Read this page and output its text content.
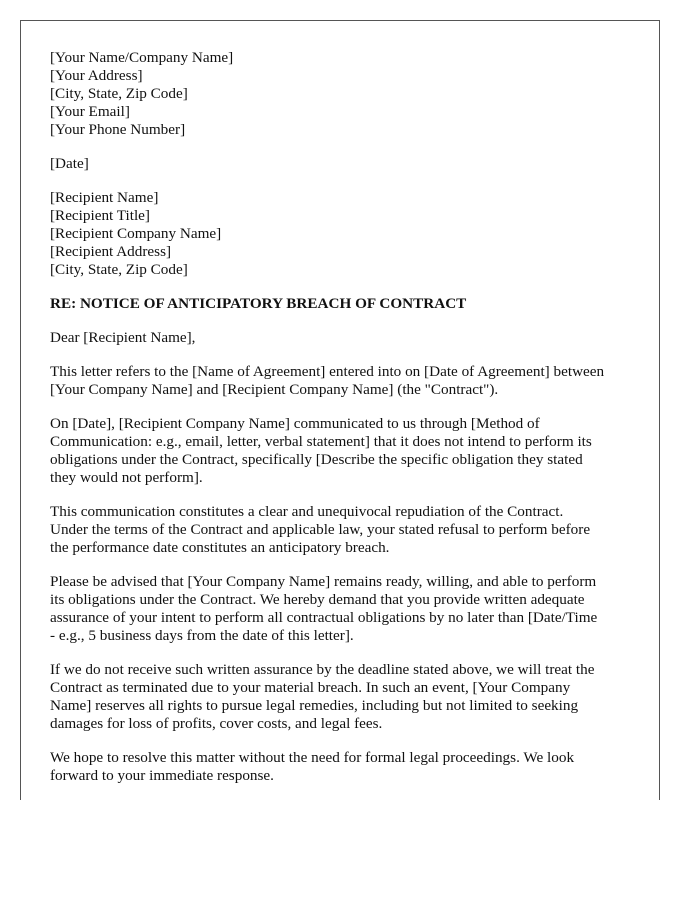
[Your Name/Company Name]
[Your Address]
[City, State, Zip Code]
[Your Email]
[Your Phone Number]
[Date]
[Recipient Name]
[Recipient Title]
[Recipient Company Name]
[Recipient Address]
[City, State, Zip Code]

RE: NOTICE OF ANTICIPATORY BREACH OF CONTRACT

Dear [Recipient Name],

This letter refers to the [Name of Agreement] entered into on [Date of Agreement] between
[Your Company Name] and [Recipient Company Name] (the "Contract").

On [Date], [Recipient Company Name] communicated to us through [Method of
Communication: e.g., email, letter, verbal statement] that it does not intend to perform its
obligations under the Contract, specifically [Describe the specific obligation they stated
they would not perform].

This communication constitutes a clear and unequivocal repudiation of the Contract.
Under the terms of the Contract and applicable law, your stated refusal to perform before
the performance date constitutes an anticipatory breach.

Please be advised that [Your Company Name] remains ready, willing, and able to perform
its obligations under the Contract. We hereby demand that you provide written adequate
assurance of your intent to perform all contractual obligations by no later than [Date/Time
- e.g., 5 business days from the date of this letter].

If we do not receive such written assurance by the deadline stated above, we will treat the
Contract as terminated due to your material breach. In such an event, [Your Company
Name] reserves all rights to pursue legal remedies, including but not limited to seeking
damages for loss of profits, cover costs, and legal fees.

We hope to resolve this matter without the need for formal legal proceedings. We look
forward to your immediate response.
